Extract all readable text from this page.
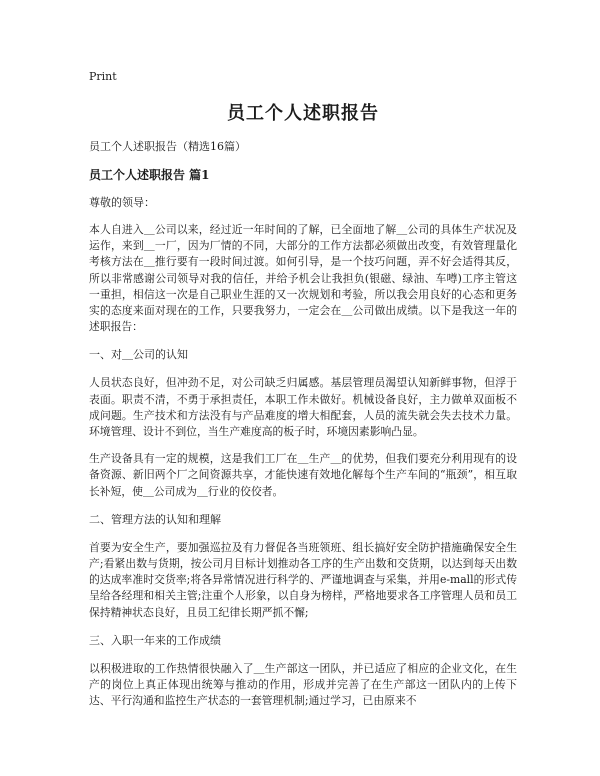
Print
员工个人述职报告
员工个人述职报告（精选16篇）
员工个人述职报告 篇1
尊敬的领导：

本人自进入＿公司以来，经过近一年时间的了解，已全面地了解＿公司的具体生产状况及运作，来到＿一厂，因为厂情的不同，大部分的工作方法都必须做出改变，有效管理量化考核方法在＿推行要有一段时间过渡。如何引导，是一个技巧问题，弄不好会适得其反，所以非常感谢公司领导对我的信任，并给予机会让我担负(银磁、绿油、车噂)工序主管这一重担，相信这一次是自己职业生涯的又一次规划和考验，所以我会用良好的心态和更务实的态度来面对现在的工作，只要我努力，一定会在＿公司做出成绩。以下是我这一年的述职报告：

一、对＿公司的认知

人员状态良好，但冲劲不足，对公司缺乏归属感。基层管理员渴望认知新鲜事物，但浮于表面。职责不清，不勇于承担责任，本职工作未做好。机械设备良好，主力做单双面板不成问题。生产技术和方法没有与产品难度的增大相配套，人员的流失就会失去技术力量。环境管理、设计不到位，当生产难度高的板子时，环境因素影响凸显。

生产设备具有一定的规模，这是我们工厂在＿生产＿的优势，但我们要充分利用现有的设备资源、新旧两个厂之间资源共享，才能快速有效地化解每个生产车间的“瓶颈”，相互取长补短，使＿公司成为＿行业的佼佼者。

二、管理方法的认知和理解

首要为安全生产，要加强巡拉及有力督促各当班领班、组长搞好安全防护措施确保安全生产;看紧出数与货期，按公司月目标计划推动各工序的生产出数和交货期，以达到每天出数的达成率准时交货率;将各异常情况进行科学的、严谨地调查与采集，并用e-mall的形式传呈给各经理和相关主管;注重个人形象，以自身为榜样，严格地要求各工序管理人员和员工保持精神状态良好，且员工纪律长期严抓不懈;

三、入职一年来的工作成绩

以积极进取的工作热情很快融入了＿生产部这一团队，并已适应了相应的企业文化，在生产的岗位上真正体现出统筹与推动的作用，形成并完善了在生产部这一团队内的上传下达、平行沟通和监控生产状态的一套管理机制;通过学习，已由原来不
